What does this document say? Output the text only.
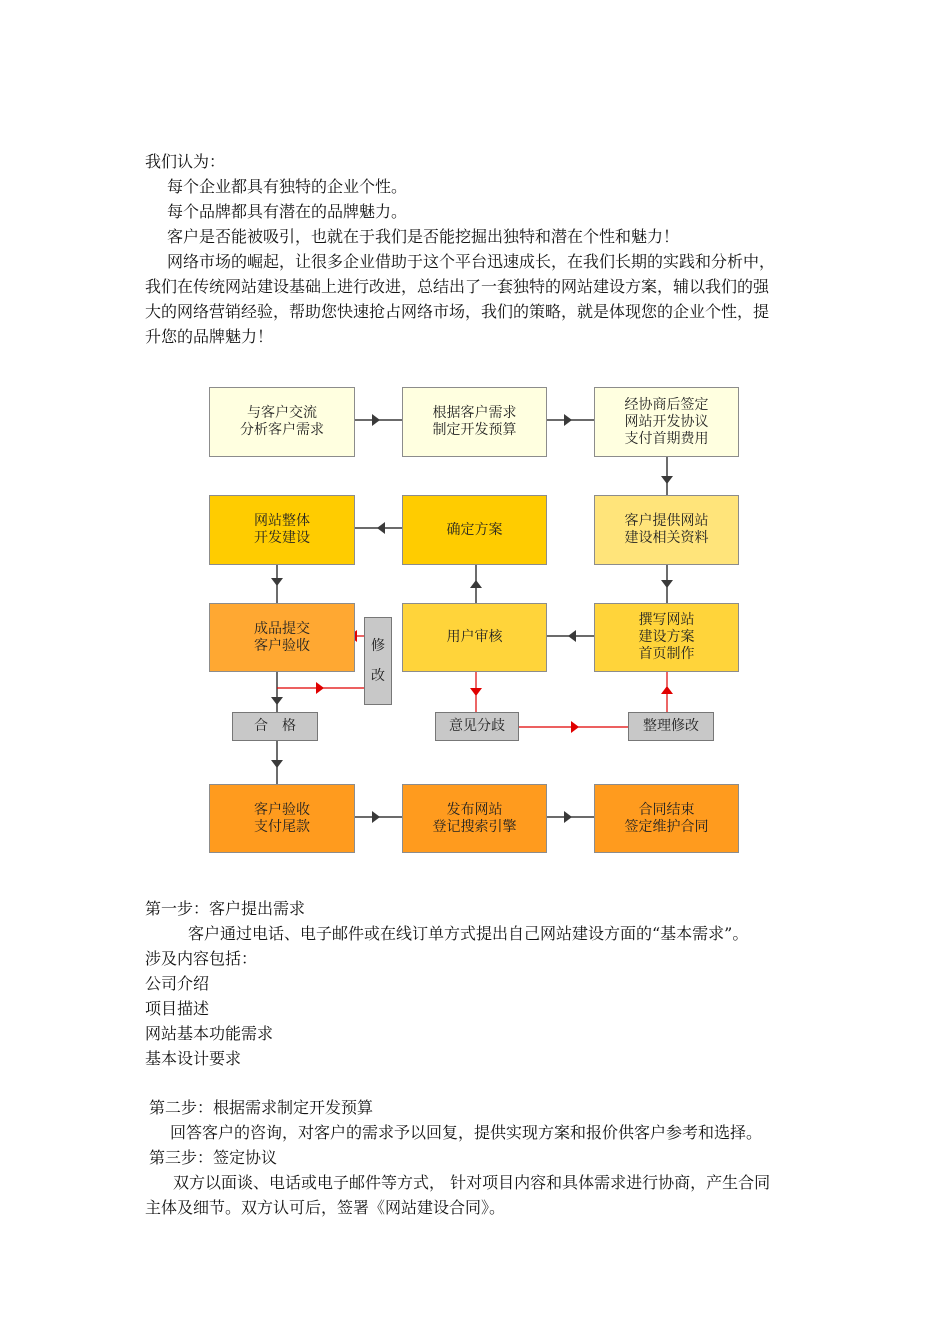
我们认为：
每个企业都具有独特的企业个性。
每个品牌都具有潜在的品牌魅力。
客户是否能被吸引，也就在于我们是否能挖掘出独特和潜在个性和魅力！
网络市场的崛起，让很多企业借助于这个平台迅速成长，在我们长期的实践和分析中，
我们在传统网站建设基础上进行改进，总结出了一套独特的网站建设方案，辅以我们的强
大的网络营销经验，帮助您快速抢占网络市场，我们的策略，就是体现您的企业个性，提
升您的品牌魅力！
与客户交流
分析客户需求
根据客户需求
制定开发预算
经协商后签定
网站开发协议
支付首期费用
网站整体
开发建设
确定方案
客户提供网站
建设相关资料
成品提交
客户验收
用户审核
撰写网站
建设方案
首页制作
修

改
合　格	意见分歧	整理修改
客户验收
支付尾款
发布网站
登记搜索引擎
合同结束
签定维护合同
第一步：客户提出需求
客户通过电话、电子邮件或在线订单方式提出自己网站建设方面的“基本需求”。
涉及内容包括：
公司介绍
项目描述
网站基本功能需求
基本设计要求
第二步：根据需求制定开发预算
回答客户的咨询，对客户的需求予以回复，提供实现方案和报价供客户参考和选择。
第三步：签定协议
双方以面谈、电话或电子邮件等方式， 针对项目内容和具体需求进行协商，产生合同
主体及细节。双方认可后，签署《网站建设合同》。
